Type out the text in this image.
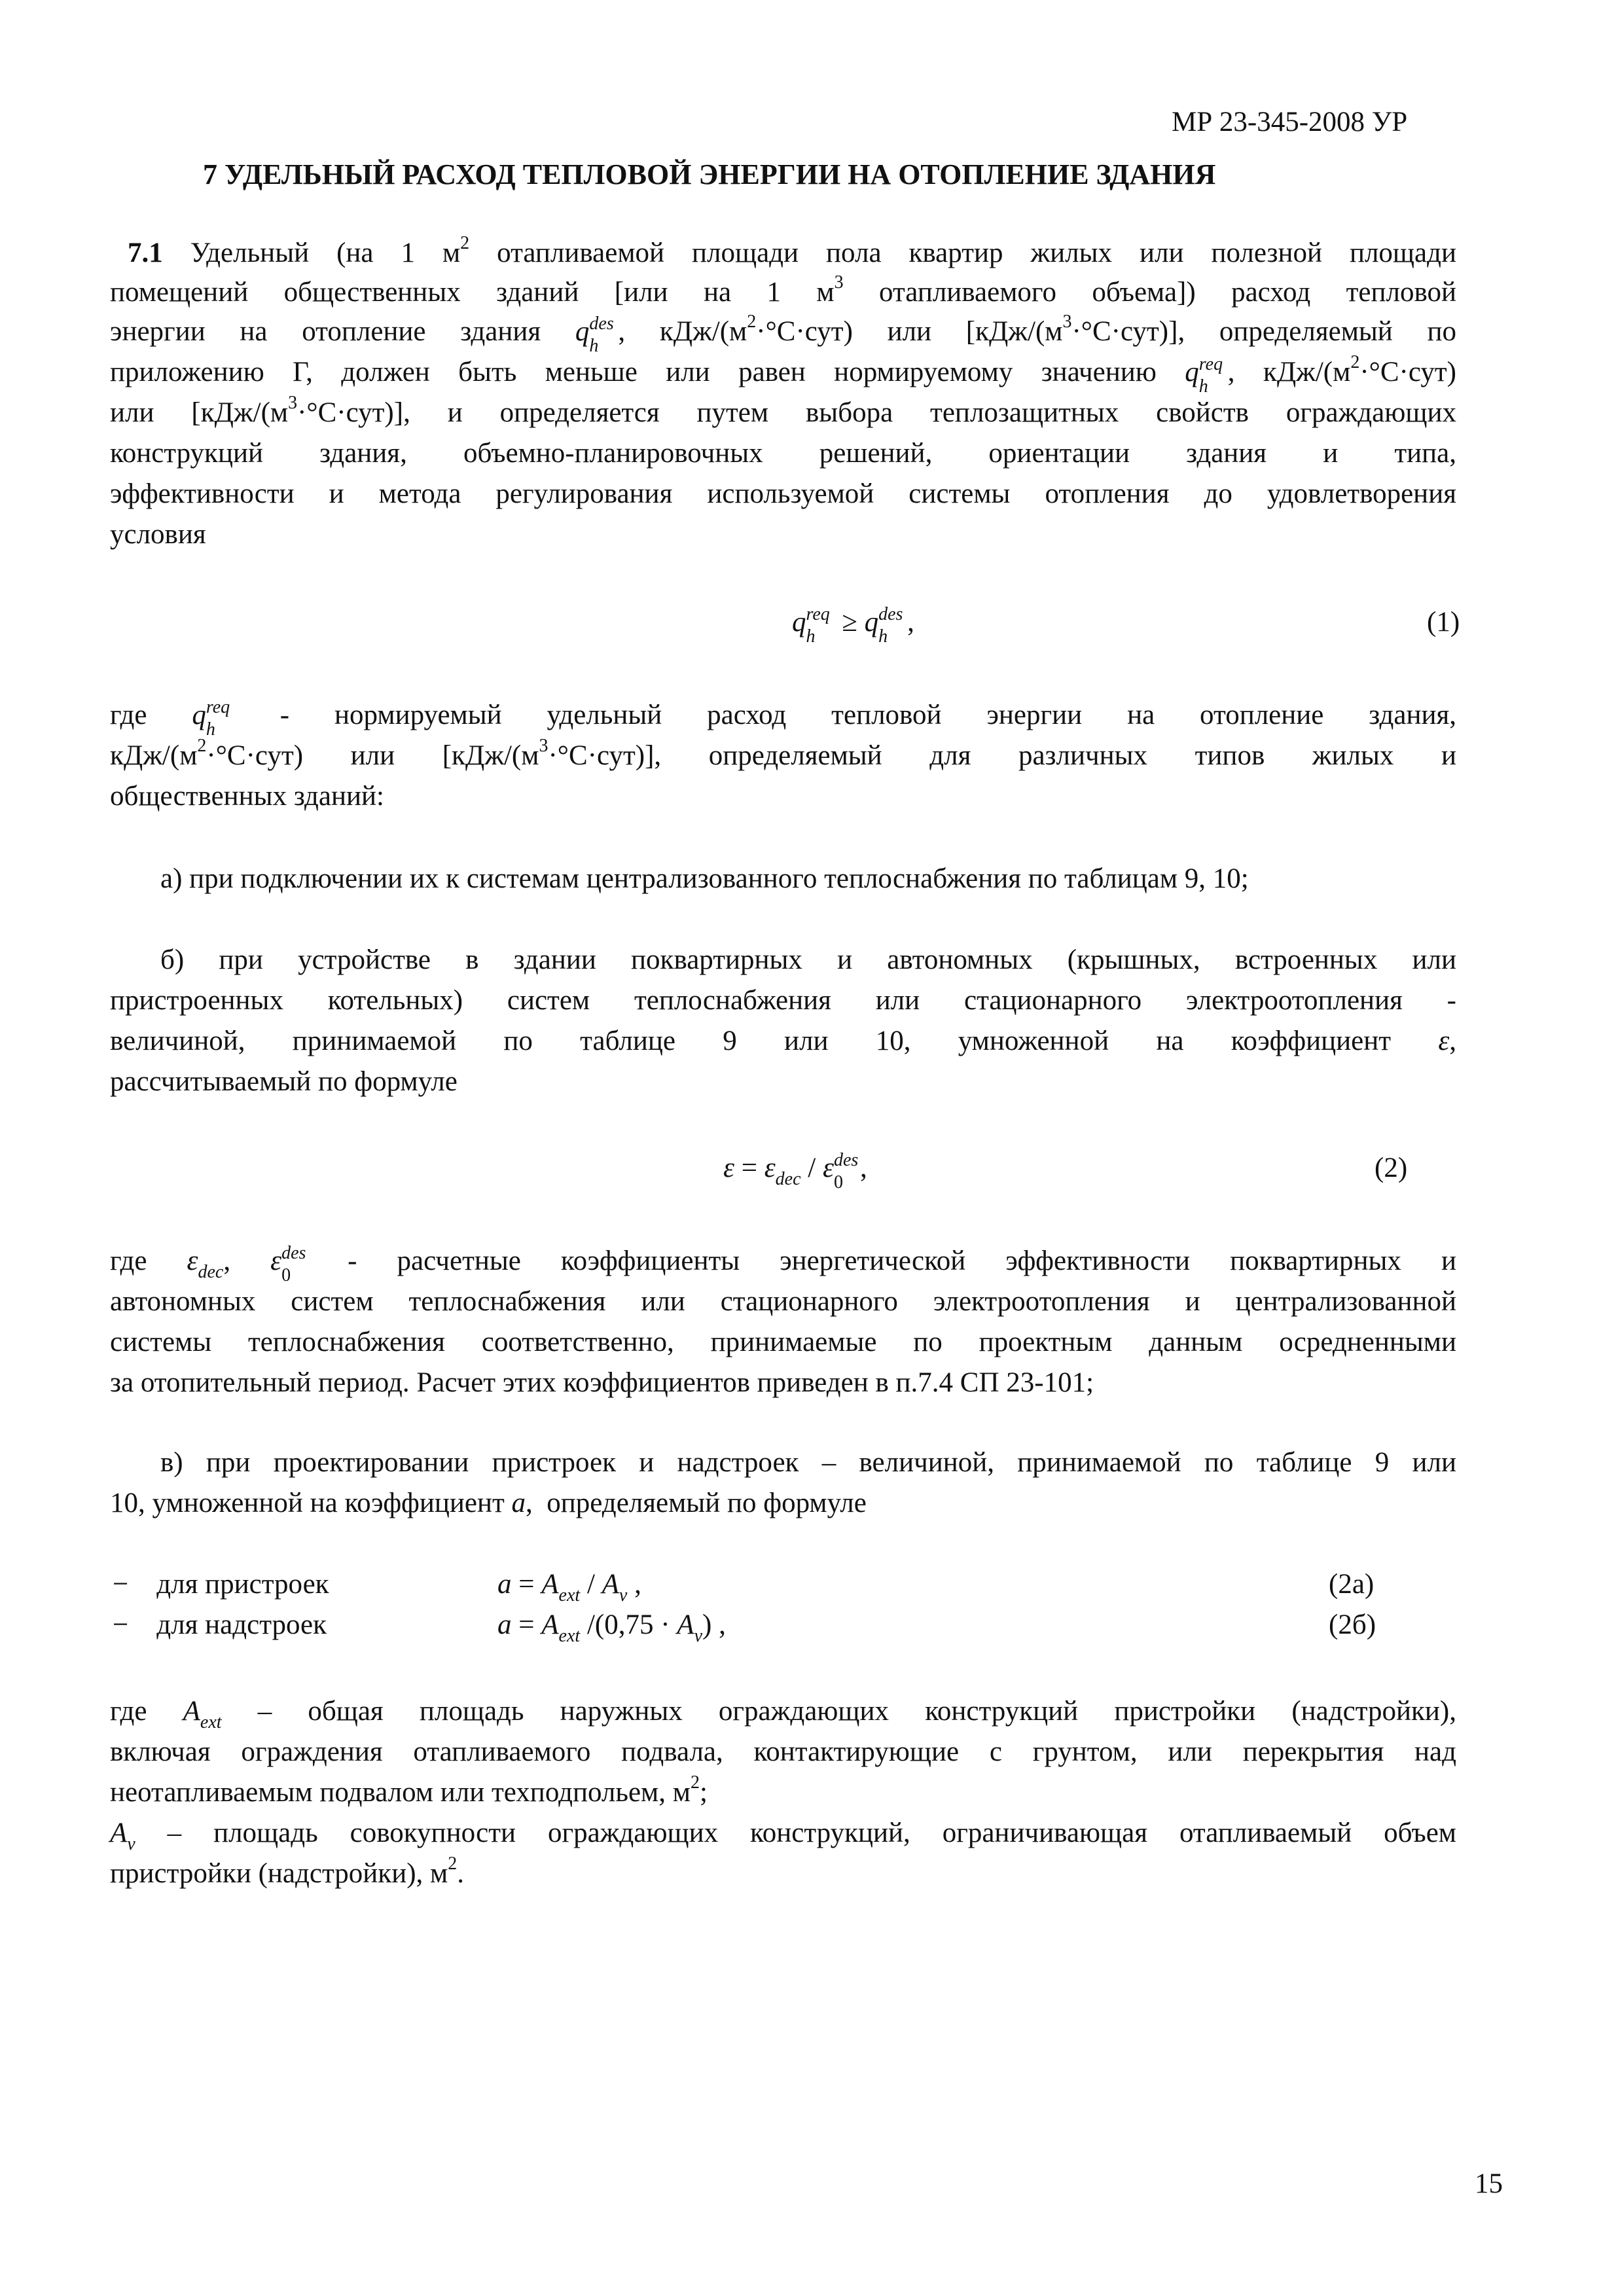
МР 23-345-2008 УР
7 УДЕЛЬНЫЙ РАСХОД ТЕПЛОВОЙ ЭНЕРГИИ НА ОТОПЛЕНИЕ ЗДАНИЯ
7.1 Удельный (на 1 $м^2$ отапливаемой площади пола квартир жилых или полезной площади
помещений общественных зданий [или на 1 $м^3$ отапливаемого объема]) расход тепловой
энергии на отопление здания q des
h , кДж/$(м^2\cdot^\circ С\cdot сут)$ или $[кДж/(м^3\cdot^\circ С\cdot сут)]$, определяемый по
приложению Г, должен быть меньше или равен нормируемому значению q req
h , кДж/$(м^2\cdot^\circ С\cdot сут)$
или $[кДж/(м^3\cdot^\circ С\cdot сут)]$, и определяется путем выбора теплозащитных свойств ограждающих
конструкций здания, объемно-планировочных решений, ориентации здания и типа,
эффективности и метода регулирования используемой системы отопления до удовлетворения
условия
q req
h ≥ q des
h ,	(1)
где q req
h - нормируемый удельный расход тепловой энергии на отопление здания,
кДж/$(м^2\cdot^\circ С\cdot сут)$ или $[кДж/(м^3\cdot^\circ С\cdot сут)]$, определяемый для различных типов жилых и
общественных зданий:
а) при подключении их к системам централизованного теплоснабжения по таблицам 9, 10;
б) при устройстве в здании поквартирных и автономных (крышных, встроенных или
пристроенных котельных) систем теплоснабжения или стационарного электроотопления -
величиной, принимаемой по таблице 9 или 10, умноженной на коэффициент ε,
рассчитываемый по формуле
$\varepsilon = \varepsilon_{dec} / \varepsilon$ des
0 ,	(2)
где $\varepsilon_{dec}$, ε des
0 - расчетные коэффициенты энергетической эффективности поквартирных и
автономных систем теплоснабжения или стационарного электроотопления и централизованной
системы теплоснабжения соответственно, принимаемые по проектным данным осредненными
за отопительный период. Расчет этих коэффициентов приведен в п.7.4 СП 23-101;
в) при проектировании пристроек и надстроек – величиной, принимаемой по таблице 9 или
10, умноженной на коэффициент a,  определяемый по формуле
− для пристроек	$a = A_{ext} / A_v$ ,	(2а)
− для надстроек	$a = A_{ext}$ $/(0,75 \cdot A_v)$ ,	(2б)
где $A_{ext}$ – общая площадь наружных ограждающих конструкций пристройки (надстройки),
включая ограждения отапливаемого подвала, контактирующие с грунтом, или перекрытия над
неотапливаемым подвалом или техподпольем, $м^2$;
$A_v$ – площадь совокупности ограждающих конструкций, ограничивающая отапливаемый объем
пристройки (надстройки), $м^2$.
15
